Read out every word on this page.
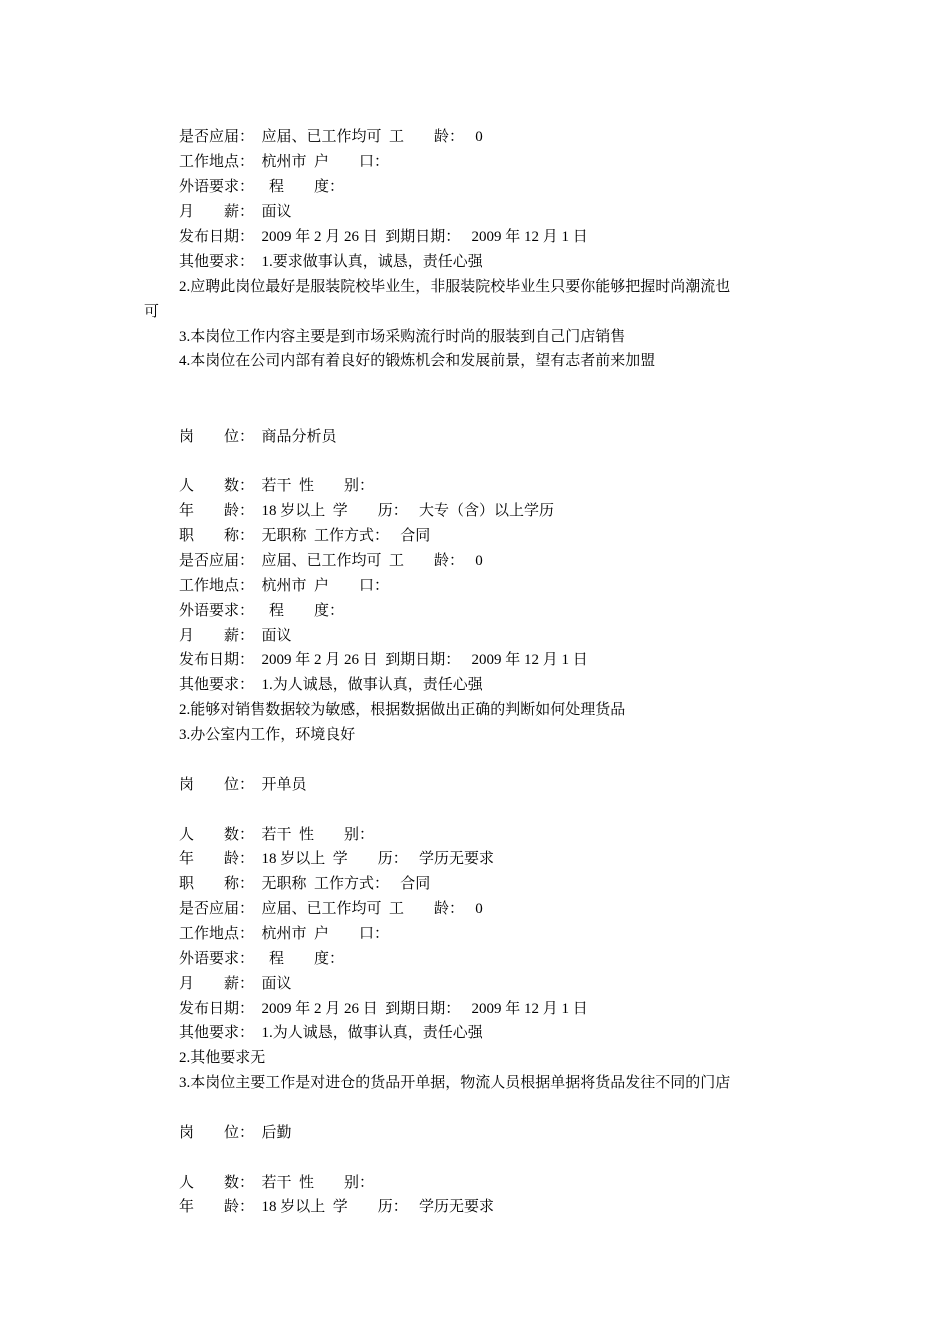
是否应届：  应届、已工作均可  工        龄：   0
工作地点：  杭州市  户        口：
外语要求：    程        度：
月        薪：  面议
发布日期：  2009 年 2 月 26 日  到期日期：   2009 年 12 月 1 日
其他要求：  1.要求做事认真，诚恳，责任心强
2.应聘此岗位最好是服装院校毕业生，非服装院校毕业生只要你能够把握时尚潮流也
可
3.本岗位工作内容主要是到市场采购流行时尚的服装到自己门店销售
4.本岗位在公司内部有着良好的锻炼机会和发展前景，望有志者前来加盟
岗        位：  商品分析员
人        数：  若干  性        别：
年        龄：  18 岁以上  学        历：   大专（含）以上学历
职        称：  无职称  工作方式：   合同
是否应届：  应届、已工作均可  工        龄：   0
工作地点：  杭州市  户        口：
外语要求：    程        度：
月        薪：  面议
发布日期：  2009 年 2 月 26 日  到期日期：   2009 年 12 月 1 日
其他要求：  1.为人诚恳，做事认真，责任心强
2.能够对销售数据较为敏感，根据数据做出正确的判断如何处理货品
3.办公室内工作，环境良好
岗        位：  开单员
人        数：  若干  性        别：
年        龄：  18 岁以上  学        历：   学历无要求
职        称：  无职称  工作方式：   合同
是否应届：  应届、已工作均可  工        龄：   0
工作地点：  杭州市  户        口：
外语要求：    程        度：
月        薪：  面议
发布日期：  2009 年 2 月 26 日  到期日期：   2009 年 12 月 1 日
其他要求：  1.为人诚恳，做事认真，责任心强
2.其他要求无
3.本岗位主要工作是对进仓的货品开单据，物流人员根据单据将货品发往不同的门店
岗        位：  后勤
人        数：  若干  性        别：
年        龄：  18 岁以上  学        历：   学历无要求
